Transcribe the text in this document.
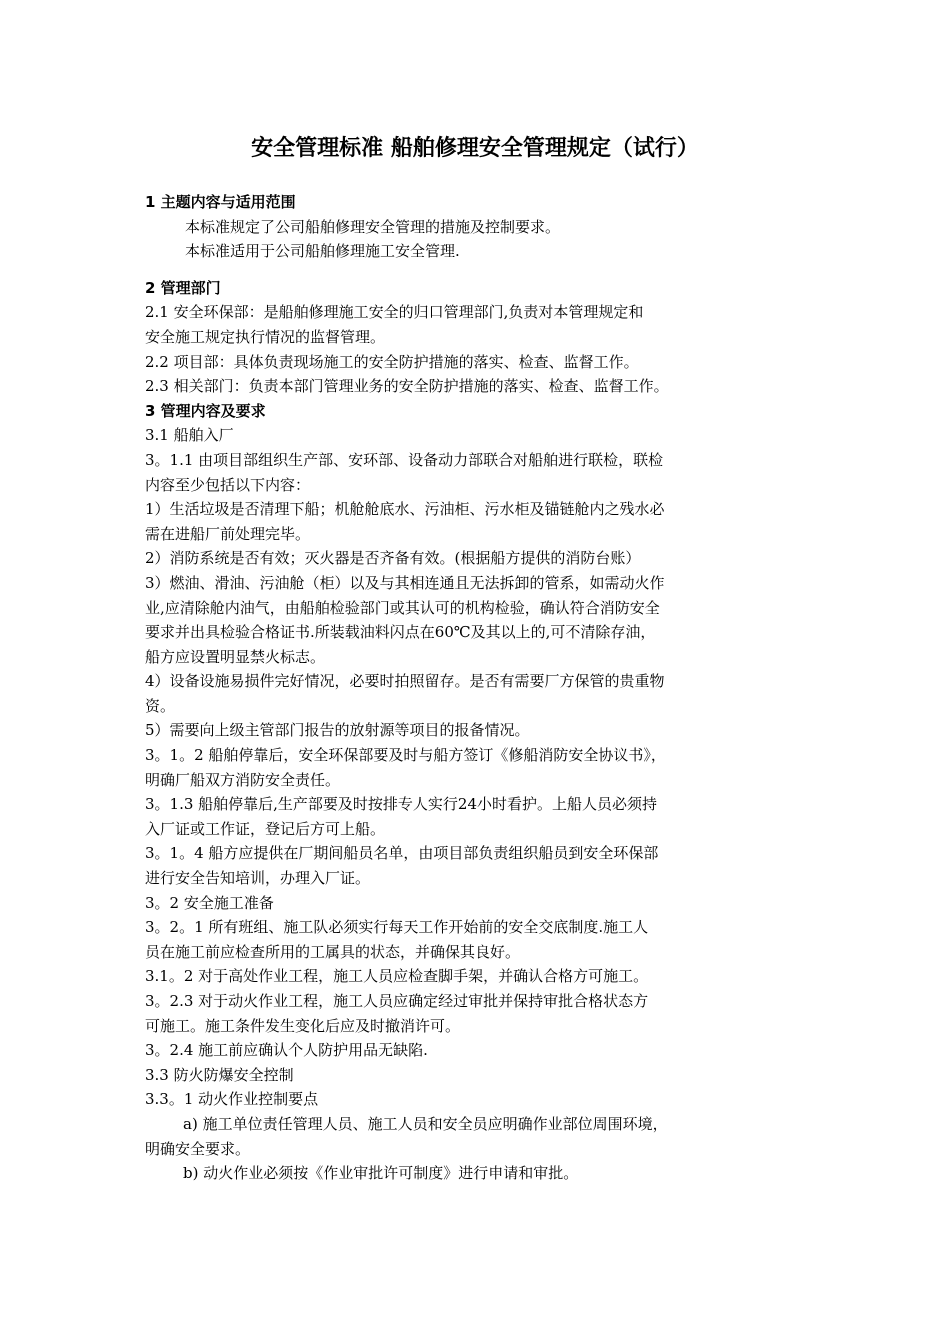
安全管理标准 船舶修理安全管理规定（试行）

1 主题内容与适用范围

本标准规定了公司船舶修理安全管理的措施及控制要求。

本标准适用于公司船舶修理施工安全管理.

2 管理部门

2.1 安全环保部：是船舶修理施工安全的归口管理部门,负责对本管理规定和

安全施工规定执行情况的监督管理。

2.2 项目部：具体负责现场施工的安全防护措施的落实、检查、监督工作。

2.3 相关部门：负责本部门管理业务的安全防护措施的落实、检查、监督工作。

3 管理内容及要求

3.1 船舶入厂

3。1.1 由项目部组织生产部、安环部、设备动力部联合对船舶进行联检，联检

内容至少包括以下内容：

1）生活垃圾是否清理下船；机舱舱底水、污油柜、污水柜及锚链舱内之残水必

需在进船厂前处理完毕。

2）消防系统是否有效；灭火器是否齐备有效。(根据船方提供的消防台账）

3）燃油、滑油、污油舱（柜）以及与其相连通且无法拆卸的管系，如需动火作

业,应清除舱内油气，由船舶检验部门或其认可的机构检验，确认符合消防安全

要求并出具检验合格证书.所装载油料闪点在60℃及其以上的,可不清除存油，

船方应设置明显禁火标志。

4）设备设施易损件完好情况，必要时拍照留存。是否有需要厂方保管的贵重物

资。

5）需要向上级主管部门报告的放射源等项目的报备情况。

3。1。2 船舶停靠后，安全环保部要及时与船方签订《修船消防安全协议书》，

明确厂船双方消防安全责任。

3。1.3 船舶停靠后,生产部要及时按排专人实行24小时看护。上船人员必须持

入厂证或工作证，登记后方可上船。

3。1。4 船方应提供在厂期间船员名单，由项目部负责组织船员到安全环保部

进行安全告知培训，办理入厂证。

3。2 安全施工准备

3。2。1 所有班组、施工队必须实行每天工作开始前的安全交底制度.施工人

员在施工前应检查所用的工属具的状态，并确保其良好。

3.1。2 对于高处作业工程，施工人员应检查脚手架，并确认合格方可施工。

3。2.3 对于动火作业工程，施工人员应确定经过审批并保持审批合格状态方

可施工。施工条件发生变化后应及时撤消许可。

3。2.4 施工前应确认个人防护用品无缺陷.

3.3 防火防爆安全控制

3.3。1 动火作业控制要点

a) 施工单位责任管理人员、施工人员和安全员应明确作业部位周围环境，

明确安全要求。

b) 动火作业必须按《作业审批许可制度》进行申请和审批。
